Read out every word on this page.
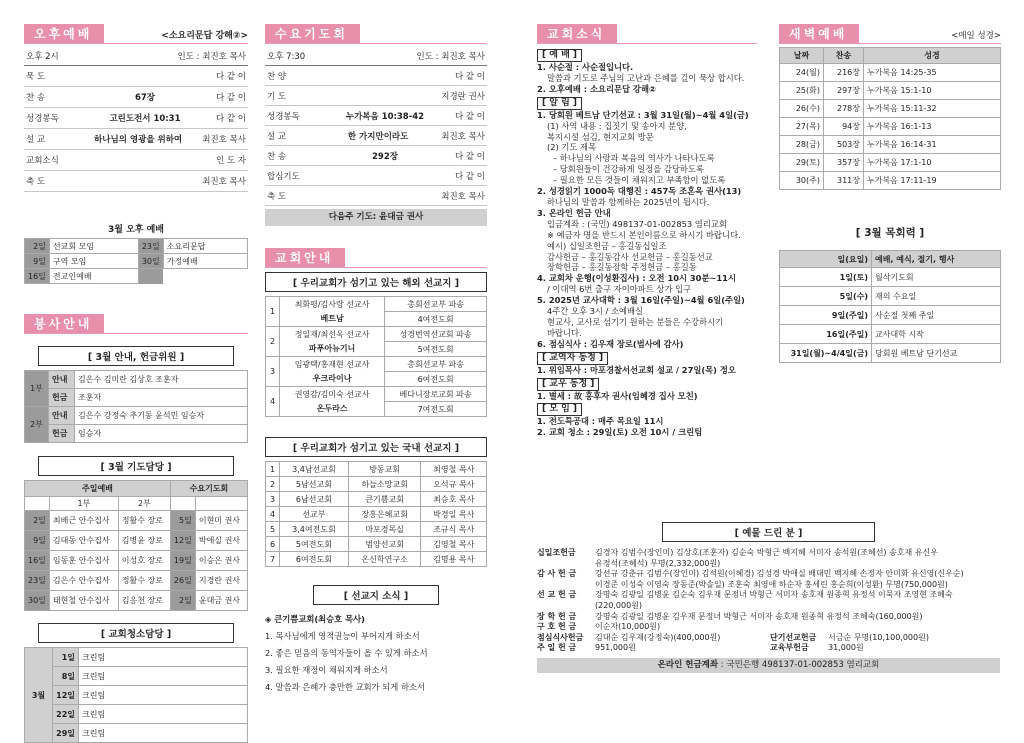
오후예배	<소요리문답 강해②>
오후 2시	인도 : 최진호 목사
묵 도	다 같 이
찬 송	67장	다 같 이
성경봉독	고린도전서 10:31	다 같 이
설 교	하나님의 영광을 위하여	최진호 목사
교회소식	인 도 자
축 도	최진호 목사
3월 오후 예배
2일	선교회 모임	23일	소요리문답
9일	구역 모임	30일	가정예배
16일	전교인예배		
봉사안내
[ 3월 안내, 헌금위원 ]
1부	안내	김은수 김미란 김상호 조훈자
	헌금	조훈자
2부	안내	김은수 강정숙 추기동 윤석민 임승자
	헌금	임승자
[ 3월 기도담당 ]
주일예배			수요기도회	
	1부	2부		
2일	최배근 안수집사	정활수 장로	5일	이현미 권사
9일	김대동 안수집사	김병윤 장로	12일	박애실 권사
16일	임동훈 안수집사	이성호 장로	19일	이승은 권사
23일	김은수 안수집사	정활수 장로	26일	지경란 권사
30일	태현철 안수집사	김응천 장로	2일	윤대금 권사
[ 교회청소담당 ]
3월	1일	크린팀
	8일	크린팀
	12일	크린팀
	22일	크린팀
	29일	크린팀
수요기도회
오후 7:30	인도 : 최진호 목사
찬 양	다 같 이
기 도	지경란 권사
성경봉독	누가복음 10:38-42	다 같 이
설 교	한 가지만이라도	최진호 목사
찬 송	292장	다 같 이
합심기도	다 같 이
축 도	최진호 목사
다음주 기도: 윤대금 권사
교회안내
[ 우리교회가 섬기고 있는 해외 선교지 ]
1	최화평/김사랑 선교사	총회선교부 파송
	베트남	4여전도회
2	정일재/최선옥 선교사	성경번역선교회 파송
	파푸아뉴기니	5여전도회
3	임광택/홍재현 선교사	총회선교부 파송
	우크라이나	6여전도회
4	권영감/김미숙 선교사	베다니장로교회 파송
	온두라스	7여전도회
[ 우리교회가 섬기고 있는 국내 선교지 ]
1	3,4남선교회	방동교회	최영철 목사
2	5남선교회	하늘소망교회	오석규 목사
3	6남선교회	큰기쁨교회	최승호 목사
4	선교부	장흥은혜교회	박경일 목사
5	3,4여전도회	마포경목실	조규식 목사
6	5여전도회	범양선교회	김영철 목사
7	6여전도회	온신학연구소	김명용 목사
[ 선교지 소식 ]
◈ 큰기쁨교회(최승호 목사)
1. 목사님에게 영적권능이 부어지게 하소서
2. 좋은 믿음의 동역자들이 올 수 있게 하소서
3. 필요한 재정이 채워지게 하소서
4. 말씀과 은혜가 충만한 교회가 되게 하소서
교회소식
[ 예 배 ]
1. 사순절 : 사순절입니다.
말씀과 기도로 주님의 고난과 은혜를 깊이 묵상 합시다.
2. 오후예배 : 소요리문답 강해②
[ 알 림 ]
1. 당회원 베트남 단기선교 : 3월 31일(월)~4월 4일(금)
(1) 사역 내용 : 집짓기 및 송아지 분양,
복지시설 섬김, 현지교회 방문
(2) 기도 제목
– 하나님의 사랑과 복음의 역사가 나타나도록
– 당회원들이 건강하게 일정을 감당하도록
– 필요한 모든 것들이 채워지고 부족함이 없도록
2. 성경읽기 1000독 대행진 : 457독 조혼옥 권사(13)
하나님의 말씀과 함께하는 2025년이 됩시다.
3. 온라인 헌금 안내
입금계좌 : (국민) 498137-01-002853 염리교회
※ 예금자 명을 반드시 본인이름으로 하시기 바랍니다.
예시) 십일조헌금 – 홍길동십일조
감사헌금 – 홍길동감사 선교헌금 – 홍길동선교
장학헌금 – 홍길동장학 주정헌금 – 홍길동
4. 교회차 운행(이성환집사) : 오전 10시 30분~11시
/ 이대역 6번 출구 자이아파트 상가 입구
5. 2025년 교사대학 : 3월 16일(주일)~4월 6일(주일)
4주간 오후 3시 / 소예배실
현교사, 교사로 섬기기 원하는 분들은 수강하시기
바랍니다.
6. 점심식사 : 김우재 장로(범사에 감사)
[ 교역자 동정 ]
1. 위임목사 : 마포경찰서선교회 설교 / 27일(목) 정오
[ 교우 동정 ]
1. 별세 : 故 홍후자 권사(임혜경 집사 모친)
[ 모 임 ]
1. 전도특공대 : 매주 목요일 11시
2. 교회 청소 : 29일(토) 오전 10시 / 크린팀
[ 예물 드린 분 ]
십일조헌금	김경자 김범수(장인미) 김상호(조훈자) 김순숙 박형근 백지혜 서미자 송석원(조혜선) 송호재 유신우
유정석(조혜석) 무명(2,332,000원)
감 사 헌 금	강선규 강춘규 김범수(장인미) 김석원(이혜경) 김성경 박애실 배대민 백지혜 손정자 안미화 유신영(신우순)
이경준 이성숙 이영숙 장동준(박솔일) 조훈숙 최영애 하순자 홍세린 홍순희(이성환) 무명(750,000원)
선 교 헌 금	강명숙 김광일 김병윤 김순숙 김우재 문정녀 박형근 서미자 송호재 원종혁 유정석 이묵자 조영현 조혜숙
(220,000원)
장 학 헌 금	강명숙 김광일 김병윤 김우재 문정녀 박형근 서미자 송호재 원종혁 유정석 조혜숙(160,000원)
구 호 헌 금	이순자(10,000원)
점심식사헌금	김대순 김우재(강정숙)(400,000원)	단기선교헌금	서금순 무명(10,100,000원)
주 일 헌 금	951,000원	교육부헌금	31,000원
온라인 헌금계좌 : 국민은행 498137-01-002853 염리교회
새벽예배	<매일 성경>
날짜	찬송	성경
24(월)	216장	누가복음 14:25-35
25(화)	297장	누가복음 15:1-10
26(수)	278장	누가복음 15:11-32
27(목)	94장	누가복음 16:1-13
28(금)	503장	누가복음 16:14-31
29(토)	357장	누가복음 17:1-10
30(주)	311장	누가복음 17:11-19
[ 3월 목회력 ]
일(요일)	예배, 예식, 절기, 행사
1일(토)	월삭기도회
5일(수)	재의 수요일
9일(주일)	사순절 첫째 주일
16일(주일)	교사대학 시작
31일(월)~4/4일(금)	당회원 베트남 단기선교
